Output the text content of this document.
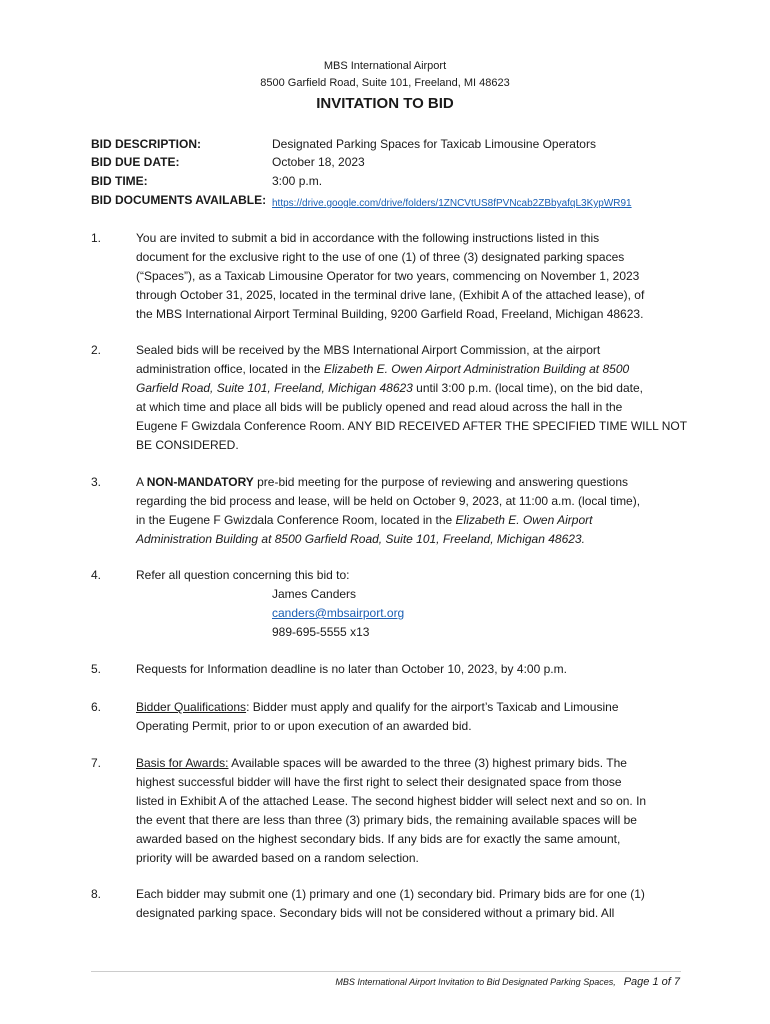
MBS International Airport
8500 Garfield Road, Suite 101, Freeland, MI 48623
INVITATION TO BID
BID DESCRIPTION:	Designated Parking Spaces for Taxicab Limousine Operators
BID DUE DATE:	October 18, 2023
BID TIME:	3:00 p.m.
BID DOCUMENTS AVAILABLE: https://drive.google.com/drive/folders/1ZNCVtUS8fPVNcab2ZBbyafqL3KypWR91
1.	You are invited to submit a bid in accordance with the following instructions listed in this
document for the exclusive right to the use of one (1) of three (3) designated parking spaces
(“Spaces”), as a Taxicab Limousine Operator for two years, commencing on November 1, 2023
through October 31, 2025, located in the terminal drive lane, (Exhibit A of the attached lease), of
the MBS International Airport Terminal Building, 9200 Garfield Road, Freeland, Michigan 48623.
2.	Sealed bids will be received by the MBS International Airport Commission, at the airport
administration office, located in the Elizabeth E. Owen Airport Administration Building at 8500
Garfield Road, Suite 101, Freeland, Michigan 48623 until 3:00 p.m. (local time), on the bid date,
at which time and place all bids will be publicly opened and read aloud across the hall in the
Eugene F Gwizdala Conference Room. ANY BID RECEIVED AFTER THE SPECIFIED TIME WILL NOT
BE CONSIDERED.
3.	A NON-MANDATORY pre-bid meeting for the purpose of reviewing and answering questions
regarding the bid process and lease, will be held on October 9, 2023, at 11:00 a.m. (local time),
in the Eugene F Gwizdala Conference Room, located in the Elizabeth E. Owen Airport
Administration Building at 8500 Garfield Road, Suite 101, Freeland, Michigan 48623.
4.	Refer all question concerning this bid to:
James Canders
canders@mbsairport.org
989-695-5555 x13
5.	Requests for Information deadline is no later than October 10, 2023, by 4:00 p.m.
6.	Bidder Qualifications: Bidder must apply and qualify for the airport’s Taxicab and Limousine
Operating Permit, prior to or upon execution of an awarded bid.
7.	Basis for Awards: Available spaces will be awarded to the three (3) highest primary bids. The
highest successful bidder will have the first right to select their designated space from those
listed in Exhibit A of the attached Lease. The second highest bidder will select next and so on. In
the event that there are less than three (3) primary bids, the remaining available spaces will be
awarded based on the highest secondary bids. If any bids are for exactly the same amount,
priority will be awarded based on a random selection.
8.	Each bidder may submit one (1) primary and one (1) secondary bid. Primary bids are for one (1)
designated parking space. Secondary bids will not be considered without a primary bid. All
MBS International Airport Invitation to Bid Designated Parking Spaces, Page 1 of 7
